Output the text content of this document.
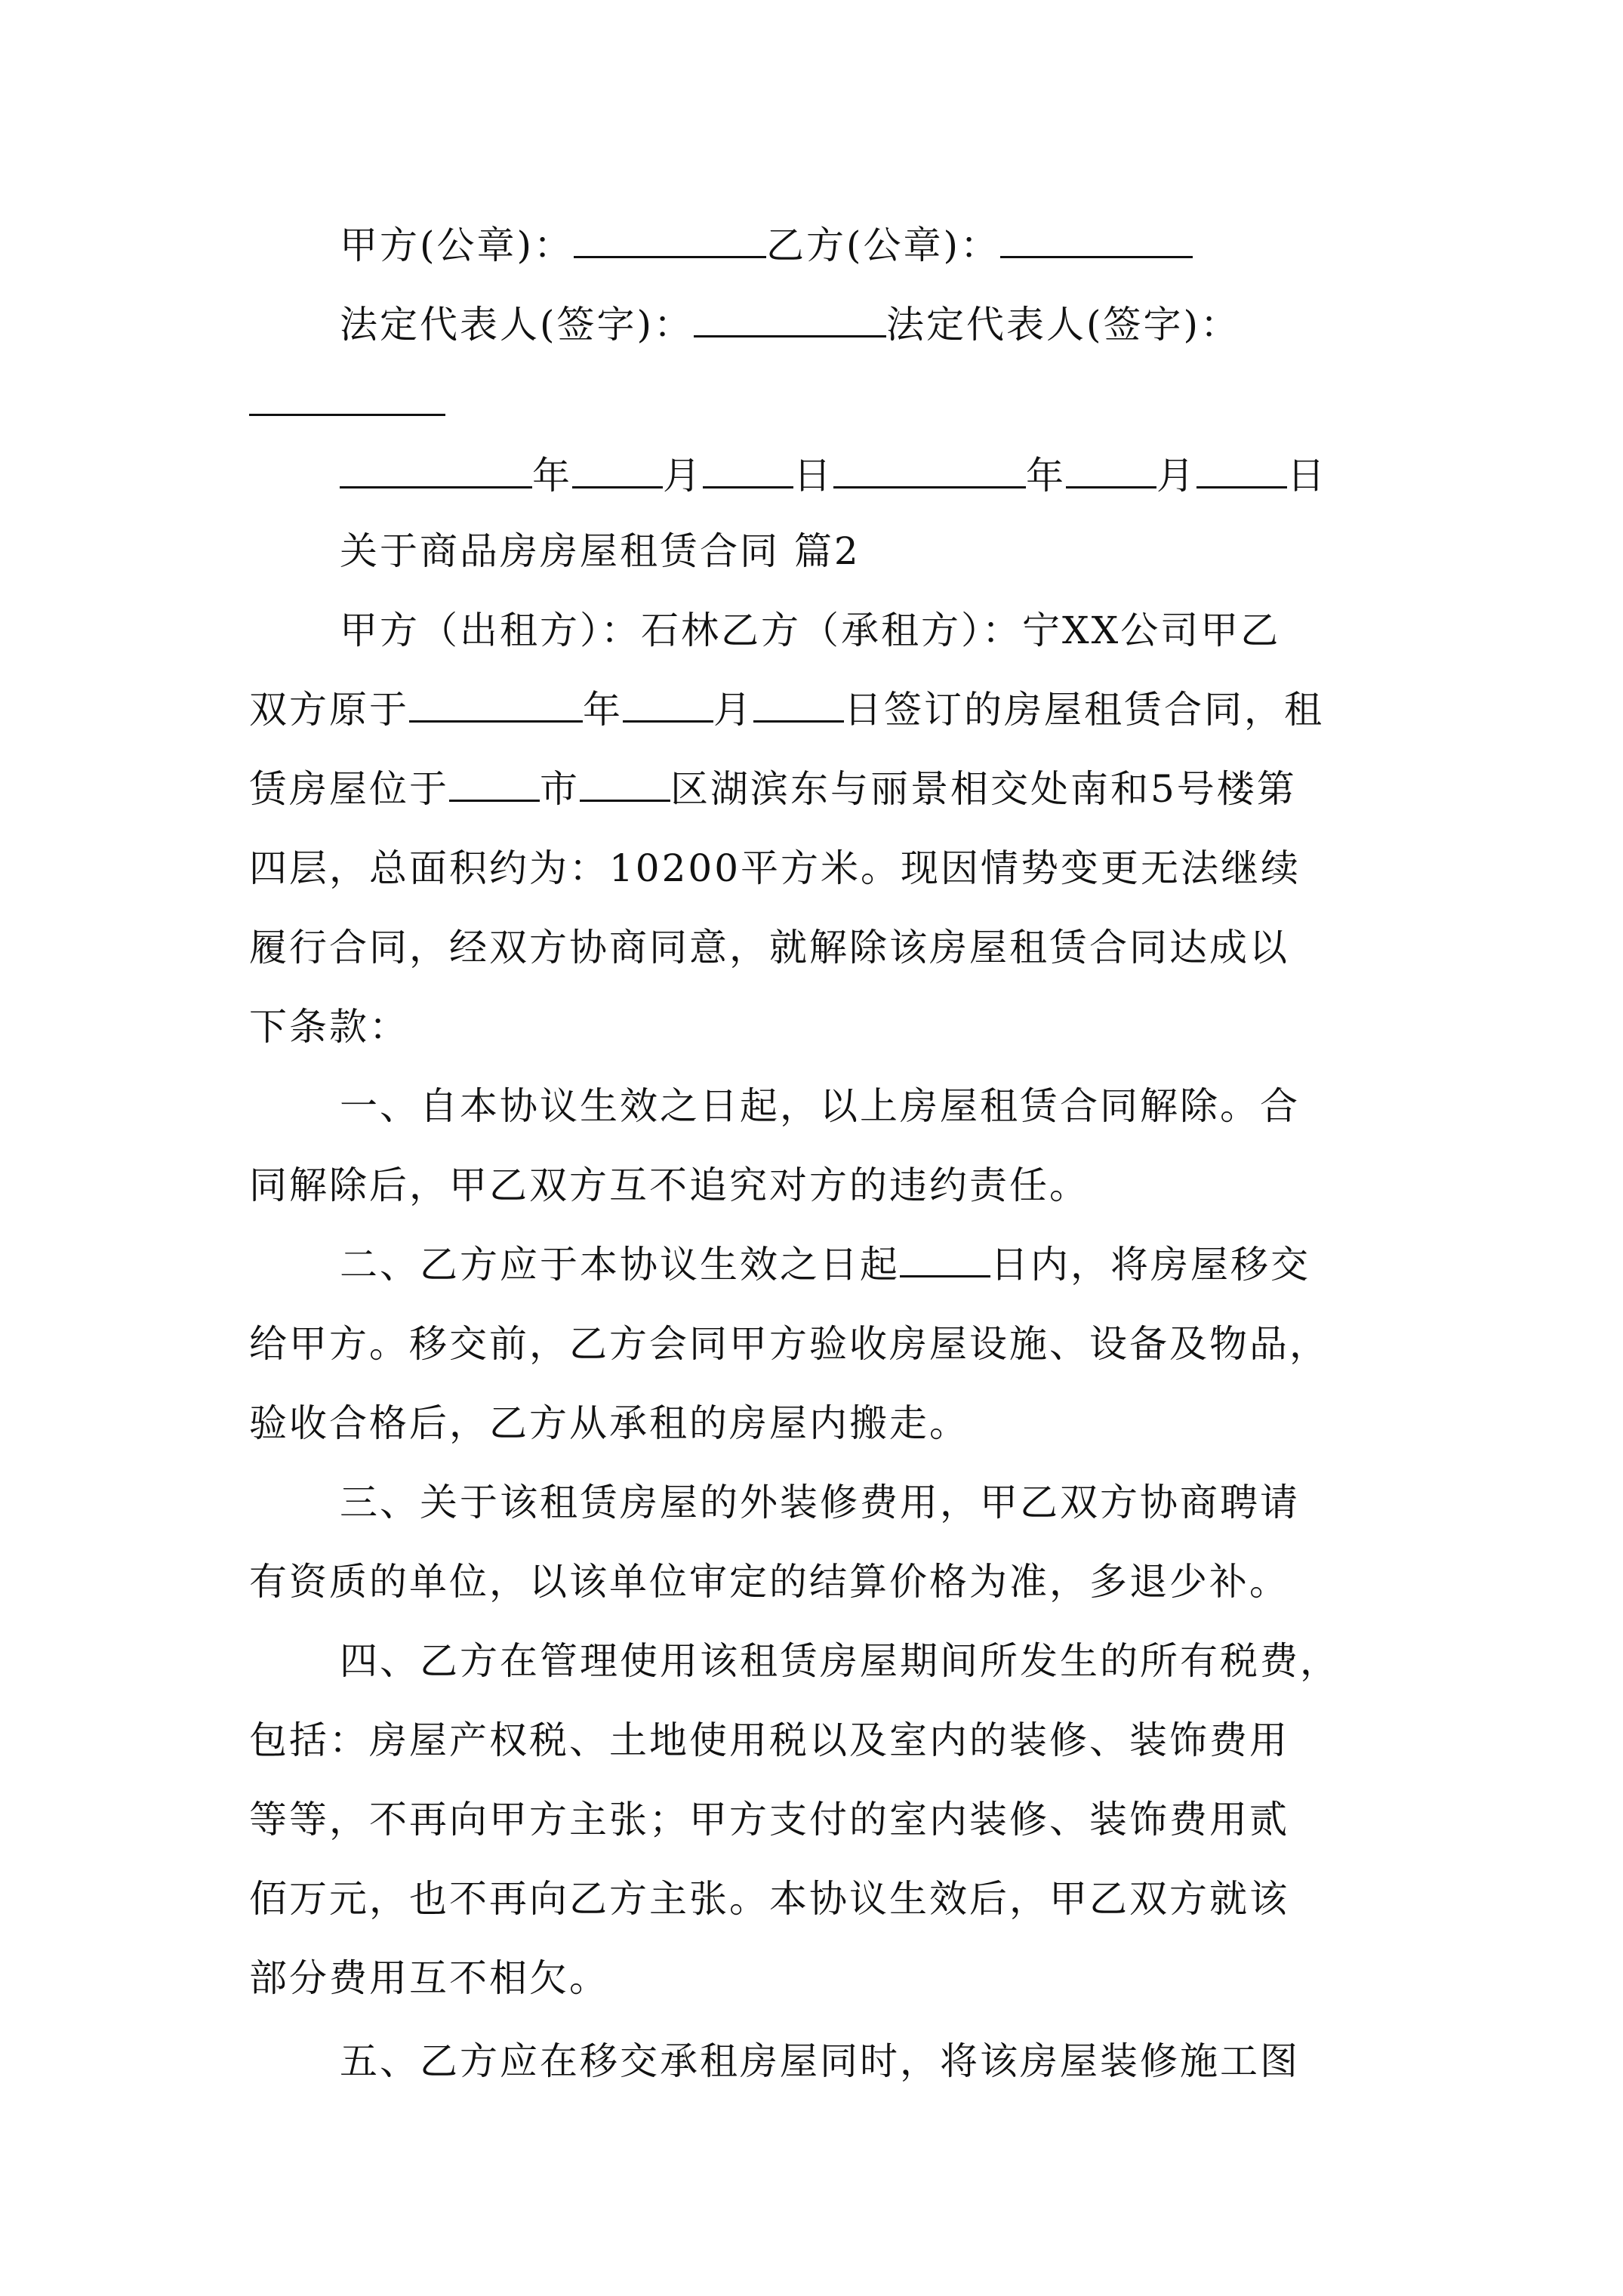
甲方(公章)：	乙方(公章)：
法定代表人(签字)：	法定代表人(签字)：
年 月 日	年 月 日
关于商品房房屋租赁合同 篇2
甲方（出租方）：石林乙方（承租方）：宁XX公司甲乙
双方原于	年 月 日签订的房屋租赁合同，租
赁房屋位于 市 区湖滨东与丽景相交处南和5号楼第
四层，总面积约为：10200平方米。现因情势变更无法继续
履行合同，经双方协商同意，就解除该房屋租赁合同达成以
下条款：
一、自本协议生效之日起，以上房屋租赁合同解除。合
同解除后，甲乙双方互不追究对方的违约责任。
二、乙方应于本协议生效之日起 日内，将房屋移交
给甲方。移交前，乙方会同甲方验收房屋设施、设备及物品，
验收合格后，乙方从承租的房屋内搬走。
三、关于该租赁房屋的外装修费用，甲乙双方协商聘请
有资质的单位，以该单位审定的结算价格为准，多退少补。
四、乙方在管理使用该租赁房屋期间所发生的所有税费，
包括：房屋产权税、土地使用税以及室内的装修、装饰费用
等等，不再向甲方主张；甲方支付的室内装修、装饰费用贰
佰万元，也不再向乙方主张。本协议生效后，甲乙双方就该
部分费用互不相欠。
五、乙方应在移交承租房屋同时，将该房屋装修施工图
